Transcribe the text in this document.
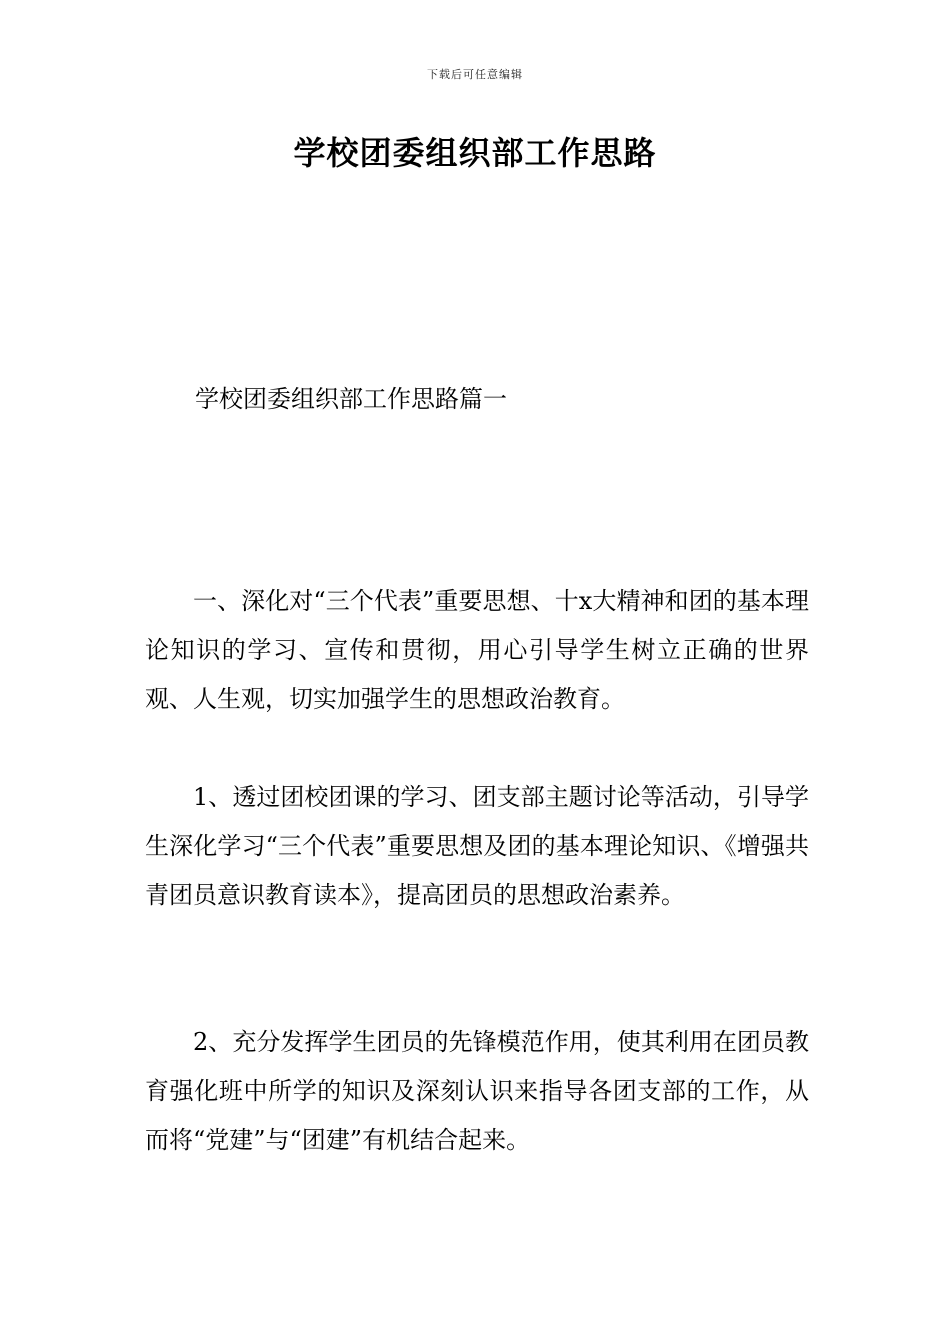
下载后可任意编辑
学校团委组织部工作思路

学校团委组织部工作思路篇一

一、深化对“三个代表”重要思想、十x大精神和团的基本理论知识的学习、宣传和贯彻，用心引导学生树立正确的世界观、人生观，切实加强学生的思想政治教育。

1、透过团校团课的学习、团支部主题讨论等活动，引导学生深化学习“三个代表”重要思想及团的基本理论知识、《增强共青团员意识教育读本》，提高团员的思想政治素养。

2、充分发挥学生团员的先锋模范作用，使其利用在团员教育强化班中所学的知识及深刻认识来指导各团支部的工作，从而将“党建”与“团建”有机结合起来。
